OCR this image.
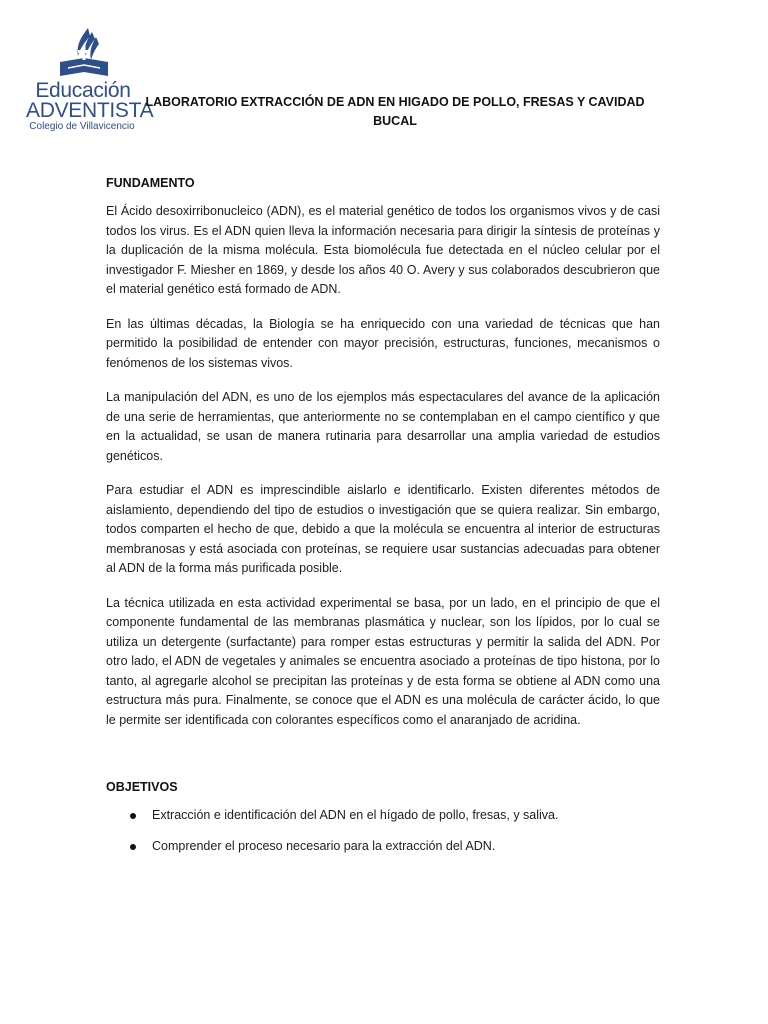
Educación
ADVENTISTA
Colegio de Villavicencio
LABORATORIO EXTRACCIÓN DE ADN EN HIGADO DE POLLO, FRESAS Y CAVIDAD
BUCAL
FUNDAMENTO

El Ácido desoxirribonucleico (ADN), es el material genético de todos los organismos vivos y de casi todos los virus. Es el ADN quien lleva la información necesaria para dirigir la síntesis de proteínas y la duplicación de la misma molécula. Esta biomolécula fue detectada en el núcleo celular por el investigador F. Miesher en 1869, y desde los años 40 O. Avery y sus colaborados descubrieron que el material genético está formado de ADN.

En las últimas décadas, la Biología se ha enriquecido con una variedad de técnicas que han permitido la posibilidad de entender con mayor precisión, estructuras, funciones, mecanismos o fenómenos de los sistemas vivos.

La manipulación del ADN, es uno de los ejemplos más espectaculares del avance de la aplicación de una serie de herramientas, que anteriormente no se contemplaban en el campo científico y que en la actualidad, se usan de manera rutinaria para desarrollar una amplia variedad de estudios genéticos.

Para estudiar el ADN es imprescindible aislarlo e identificarlo. Existen diferentes métodos de aislamiento, dependiendo del tipo de estudios o investigación que se quiera realizar. Sin embargo, todos comparten el hecho de que, debido a que la molécula se encuentra al interior de estructuras membranosas y está asociada con proteínas, se requiere usar sustancias adecuadas para obtener al ADN de la forma más purificada posible.

La técnica utilizada en esta actividad experimental se basa, por un lado, en el principio de que el componente fundamental de las membranas plasmática y nuclear, son los lípidos, por lo cual se utiliza un detergente (surfactante) para romper estas estructuras y permitir la salida del ADN. Por otro lado, el ADN de vegetales y animales se encuentra asociado a proteínas de tipo histona, por lo tanto, al agregarle alcohol se precipitan las proteínas y de esta forma se obtiene al ADN como una estructura más pura. Finalmente, se conoce que el ADN es una molécula de carácter ácido, lo que le permite ser identificada con colorantes específicos como el anaranjado de acridina.

OBJETIVOS
Extracción e identificación del ADN en el hígado de pollo, fresas, y saliva.
Comprender el proceso necesario para la extracción del ADN.
